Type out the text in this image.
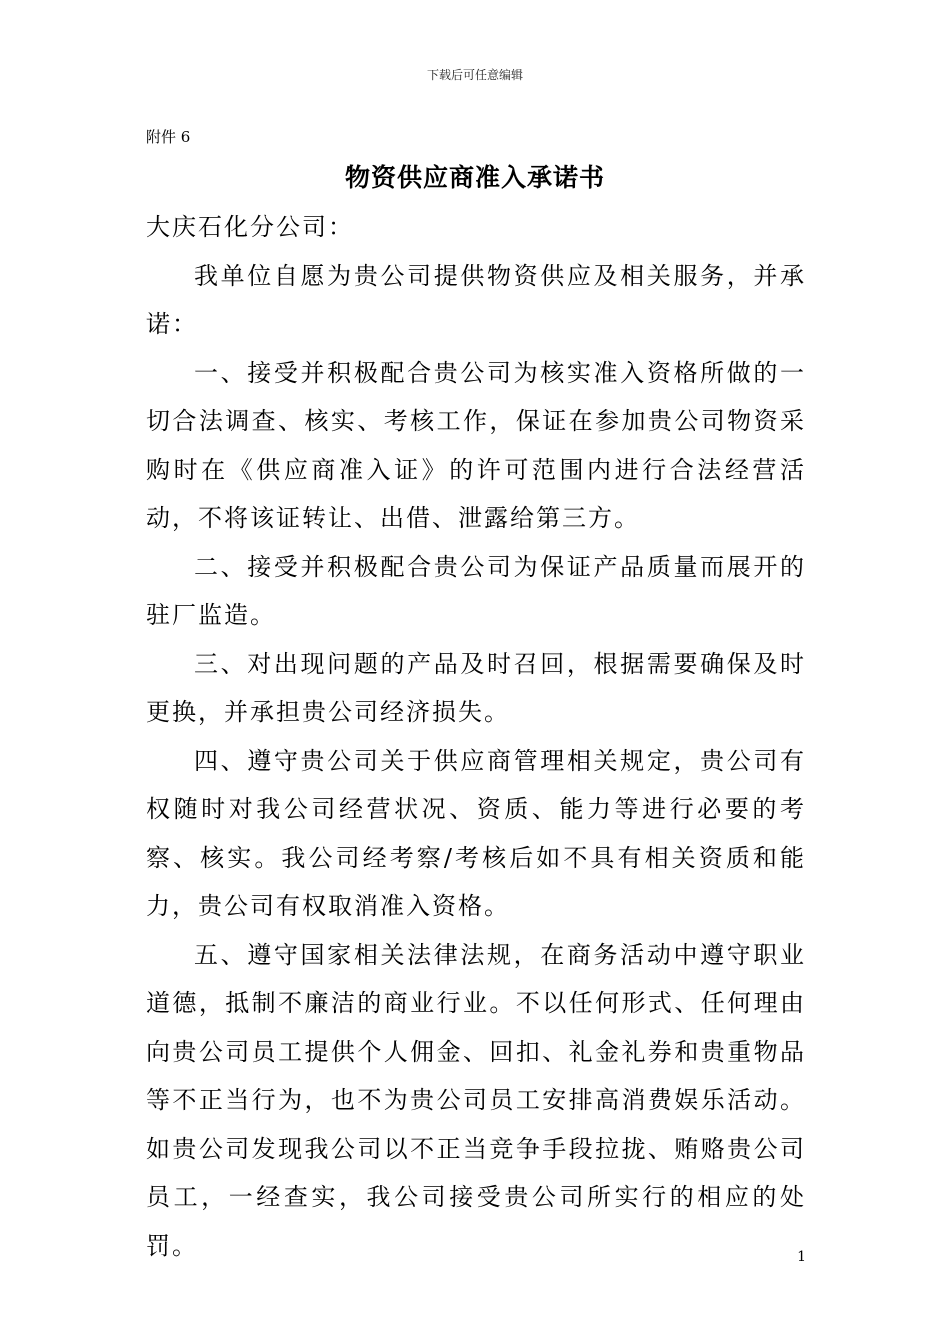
下载后可任意编辑
附件 6
物资供应商准入承诺书

大庆石化分公司：

我单位自愿为贵公司提供物资供应及相关服务，并承诺：

一、接受并积极配合贵公司为核实准入资格所做的一切合法调查、核实、考核工作，保证在参加贵公司物资采购时在《供应商准入证》的许可范围内进行合法经营活动，不将该证转让、出借、泄露给第三方。

二、接受并积极配合贵公司为保证产品质量而展开的驻厂监造。

三、对出现问题的产品及时召回，根据需要确保及时更换，并承担贵公司经济损失。

四、遵守贵公司关于供应商管理相关规定，贵公司有权随时对我公司经营状况、资质、能力等进行必要的考察、核实。我公司经考察/考核后如不具有相关资质和能力，贵公司有权取消准入资格。

五、遵守国家相关法律法规，在商务活动中遵守职业道德，抵制不廉洁的商业行业。不以任何形式、任何理由向贵公司员工提供个人佣金、回扣、礼金礼券和贵重物品等不正当行为，也不为贵公司员工安排高消费娱乐活动。如贵公司发现我公司以不正当竞争手段拉拢、贿赂贵公司员工，一经查实，我公司接受贵公司所实行的相应的处罚。	1
